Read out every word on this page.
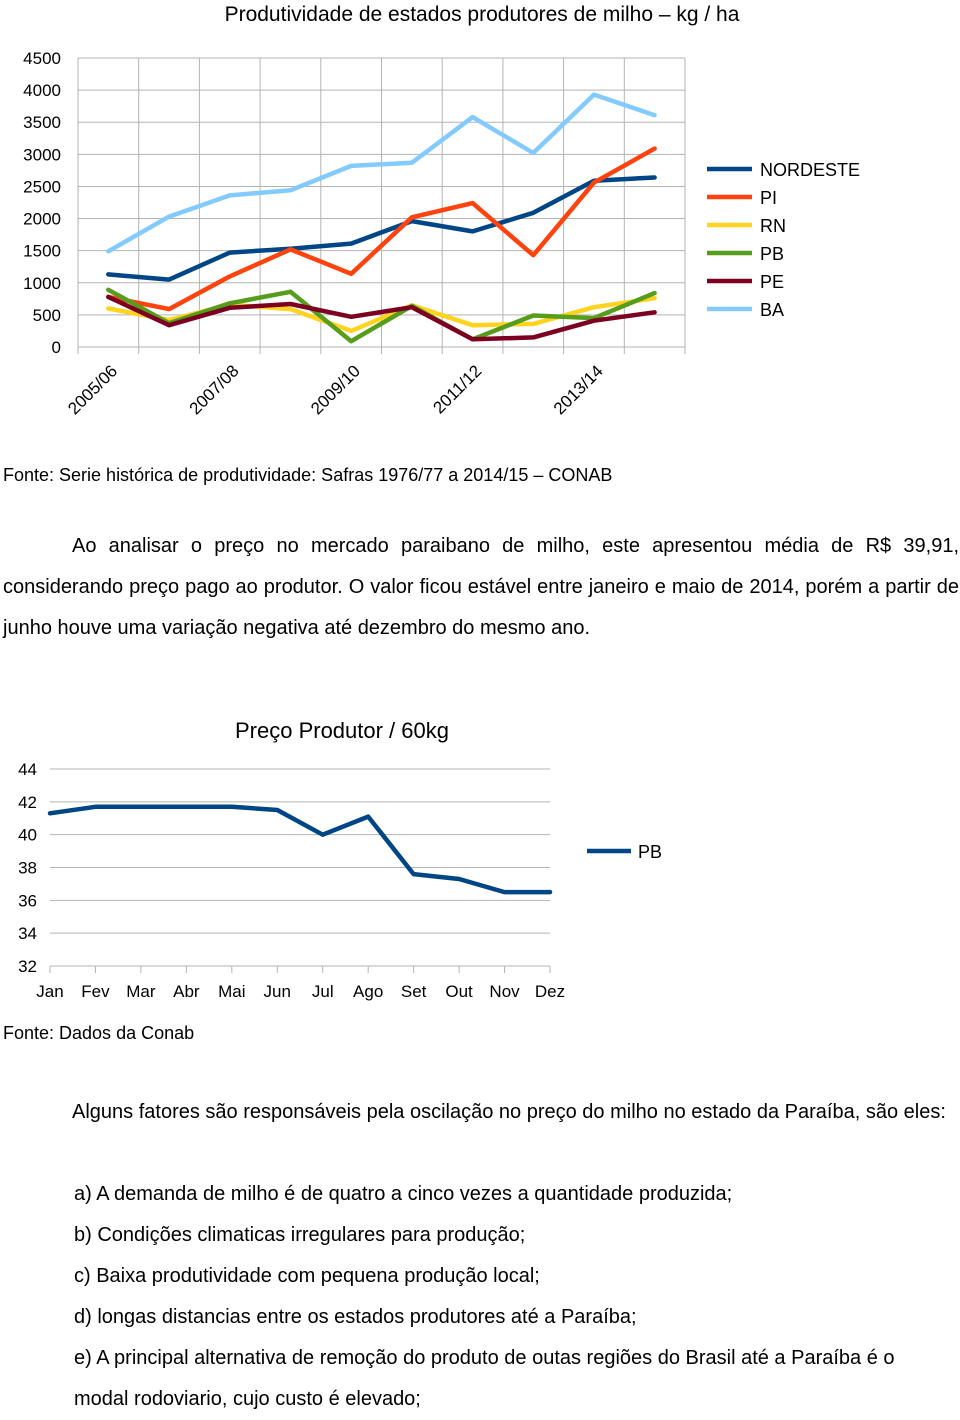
Produtividade de estados produtores de milho – kg / ha
4500
4000
3500
3000
2500
2000
1500
1000
500
0
2005/06	2007/08	2009/10	2011/12	2013/14
NORDESTE
PI
RN
PB
PE
BA
Fonte: Serie histórica de produtividade: Safras 1976/77 a 2014/15 – CONAB

Ao analisar o preço no mercado paraibano de milho, este apresentou média de R$ 39,91, considerando preço pago ao produtor. O valor ficou estável entre janeiro e maio de 2014, porém a partir de junho houve uma variação negativa até dezembro do mesmo ano.

Preço Produtor / 60kg
44
42
40
38
36
34
32
Jan Fev Mar Abr Mai Jun Jul Ago Set Out Nov Dez
PB
Fonte: Dados da Conab

Alguns fatores são responsáveis pela oscilação no preço do milho no estado da Paraíba, são eles:

a) A demanda de milho é de quatro a cinco vezes a quantidade produzida;
b) Condições climaticas irregulares para produção;
c) Baixa produtividade com pequena produção local;
d) longas distancias entre os estados produtores até a Paraíba;
e) A principal alternativa de remoção do produto de outas regiões do Brasil até a Paraíba é o modal rodoviario, cujo custo é elevado;
